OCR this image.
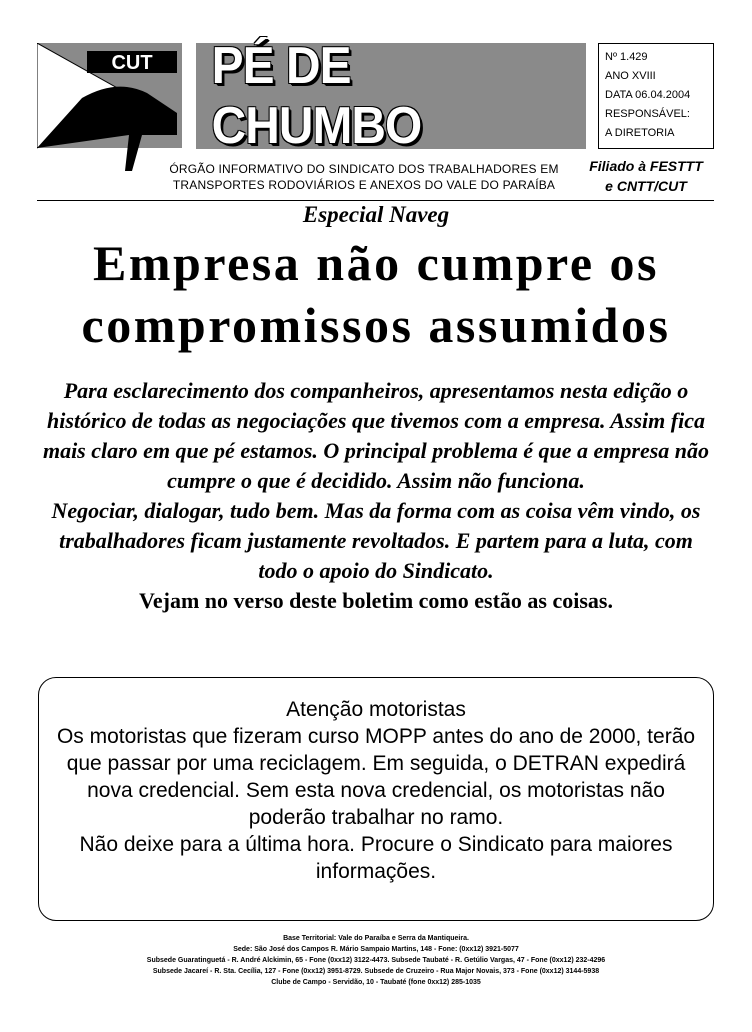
CUT PÉ DE CHUMBO
Nº 1.429
ANO XVIII
DATA 06.04.2004
RESPONSÁVEL:
A DIRETORIA
ÓRGÃO INFORMATIVO DO SINDICATO DOS TRABALHADORES EM
TRANSPORTES RODOVIÁRIOS E ANEXOS DO VALE DO PARAÍBA
Filiado à FESTTT
e CNTT/CUT
Especial Naveg
Empresa não cumpre os
compromissos assumidos

Para esclarecimento dos companheiros, apresentamos nesta edição o histórico de todas as negociações que tivemos com a empresa. Assim fica mais claro em que pé estamos. O principal problema é que a empresa não cumpre o que é decidido. Assim não funciona.

Negociar, dialogar, tudo bem. Mas da forma com as coisa vêm vindo, os trabalhadores ficam justamente revoltados. E partem para a luta, com todo o apoio do Sindicato.

Vejam no verso deste boletim como estão as coisas.

Atenção motoristas

Os motoristas que fizeram curso MOPP antes do ano de 2000, terão que passar por uma reciclagem. Em seguida, o DETRAN expedirá nova credencial. Sem esta nova credencial, os motoristas não poderão trabalhar no ramo.

Não deixe para a última hora. Procure o Sindicato para maiores informações.

Base Territorial: Vale do Paraíba e Serra da Mantiqueira.
Sede: São José dos Campos R. Mário Sampaio Martins, 148 - Fone: (0xx12) 3921-5077
Subsede Guaratinguetá - R. André Alckimin, 65 - Fone (0xx12) 3122-4473. Subsede Taubaté - R. Getúlio Vargas, 47 - Fone (0xx12) 232-4296
Subsede Jacareí - R. Sta. Cecília, 127 - Fone (0xx12) 3951-8729. Subsede de Cruzeiro - Rua Major Novais, 373 - Fone (0xx12) 3144-5938
Clube de Campo - Servidão, 10 - Taubaté (fone 0xx12) 285-1035
